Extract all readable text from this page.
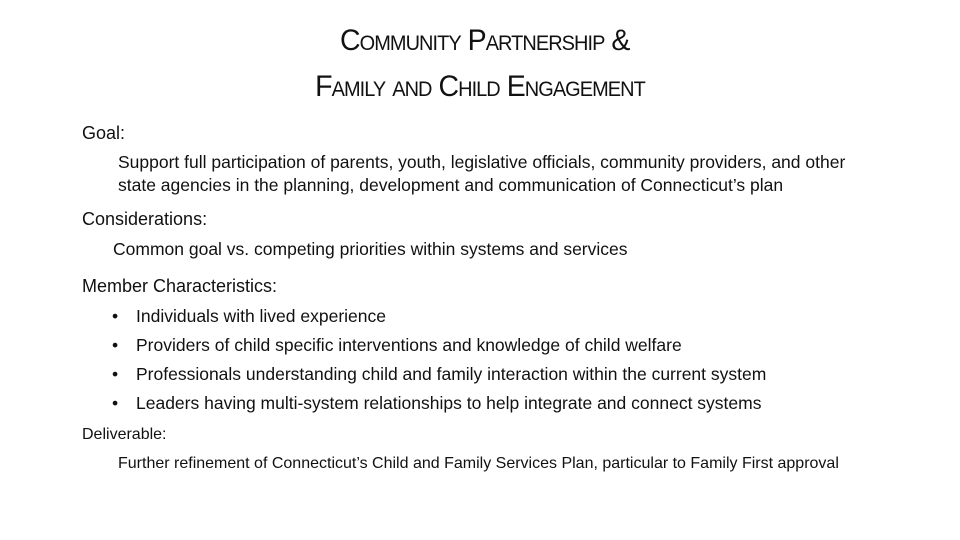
Community Partnership &
Family and Child Engagement
Goal:
Support full participation of parents, youth, legislative officials, community providers, and other state agencies in the planning, development and communication of Connecticut’s plan
Considerations:
Common goal vs. competing priorities within systems and services
Member Characteristics:
• Individuals with lived experience
• Providers of child specific interventions and knowledge of child welfare
• Professionals understanding child and family interaction within the current system
• Leaders having multi-system relationships to help integrate and connect systems
Deliverable:
Further refinement of Connecticut’s Child and Family Services Plan, particular to Family First approval
